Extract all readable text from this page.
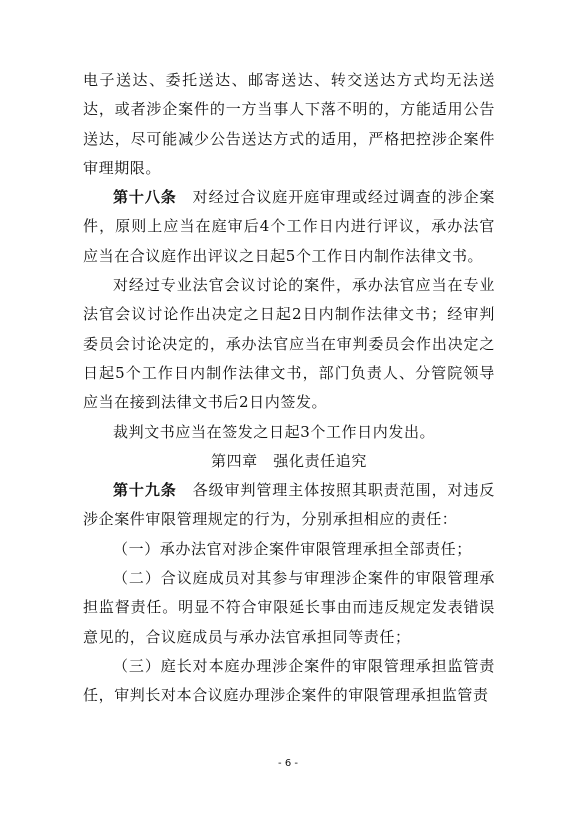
电子送达、委托送达、邮寄送达、转交送达方式均无法送达，或者涉企案件的一方当事人下落不明的，方能适用公告送达，尽可能减少公告送达方式的适用，严格把控涉企案件审理期限。

第十八条　 对经过合议庭开庭审理或经过调查的涉企案件，原则上应当在庭审后4个工作日内进行评议，承办法官应当在合议庭作出评议之日起5个工作日内制作法律文书。

对经过专业法官会议讨论的案件，承办法官应当在专业法官会议讨论作出决定之日起2日内制作法律文书；经审判委员会讨论决定的，承办法官应当在审判委员会作出决定之日起5个工作日内制作法律文书，部门负责人、分管院领导应当在接到法律文书后2日内签发。

裁判文书应当在签发之日起3个工作日内发出。

第四章　强化责任追究

第十九条　 各级审判管理主体按照其职责范围，对违反涉企案件审限管理规定的行为，分别承担相应的责任：

（一）承办法官对涉企案件审限管理承担全部责任；

（二）合议庭成员对其参与审理涉企案件的审限管理承担监督责任。明显不符合审限延长事由而违反规定发表错误意见的，合议庭成员与承办法官承担同等责任；

（三）庭长对本庭办理涉企案件的审限管理承担监管责任，审判长对本合议庭办理涉企案件的审限管理承担监管责

- 6 -
